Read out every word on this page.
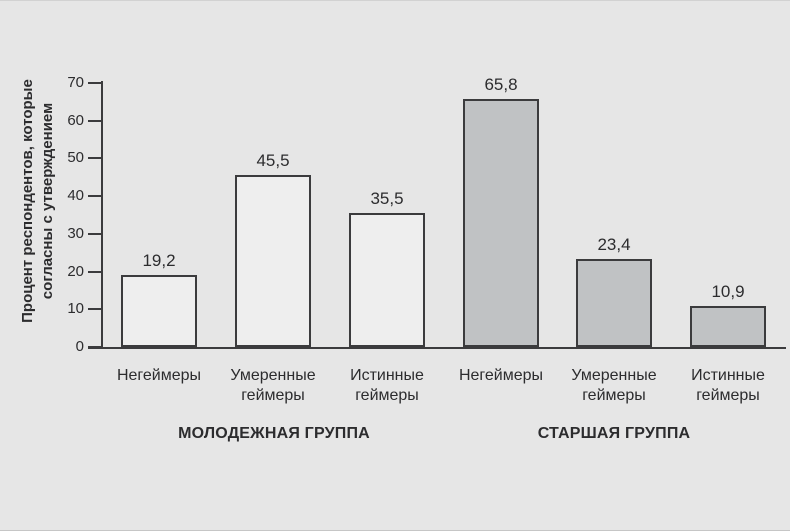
Процент респондентов, которые согласны с утверждением
0
10
20
30
40
50
60
70
19,2
45,5
35,5
65,8
23,4
10,9
Негеймеры	Умеренные геймеры
Истинные геймеры
Негеймеры	Умеренные геймеры
Истинные геймеры
МОЛОДЕЖНАЯ ГРУППА	СТАРШАЯ ГРУППА
